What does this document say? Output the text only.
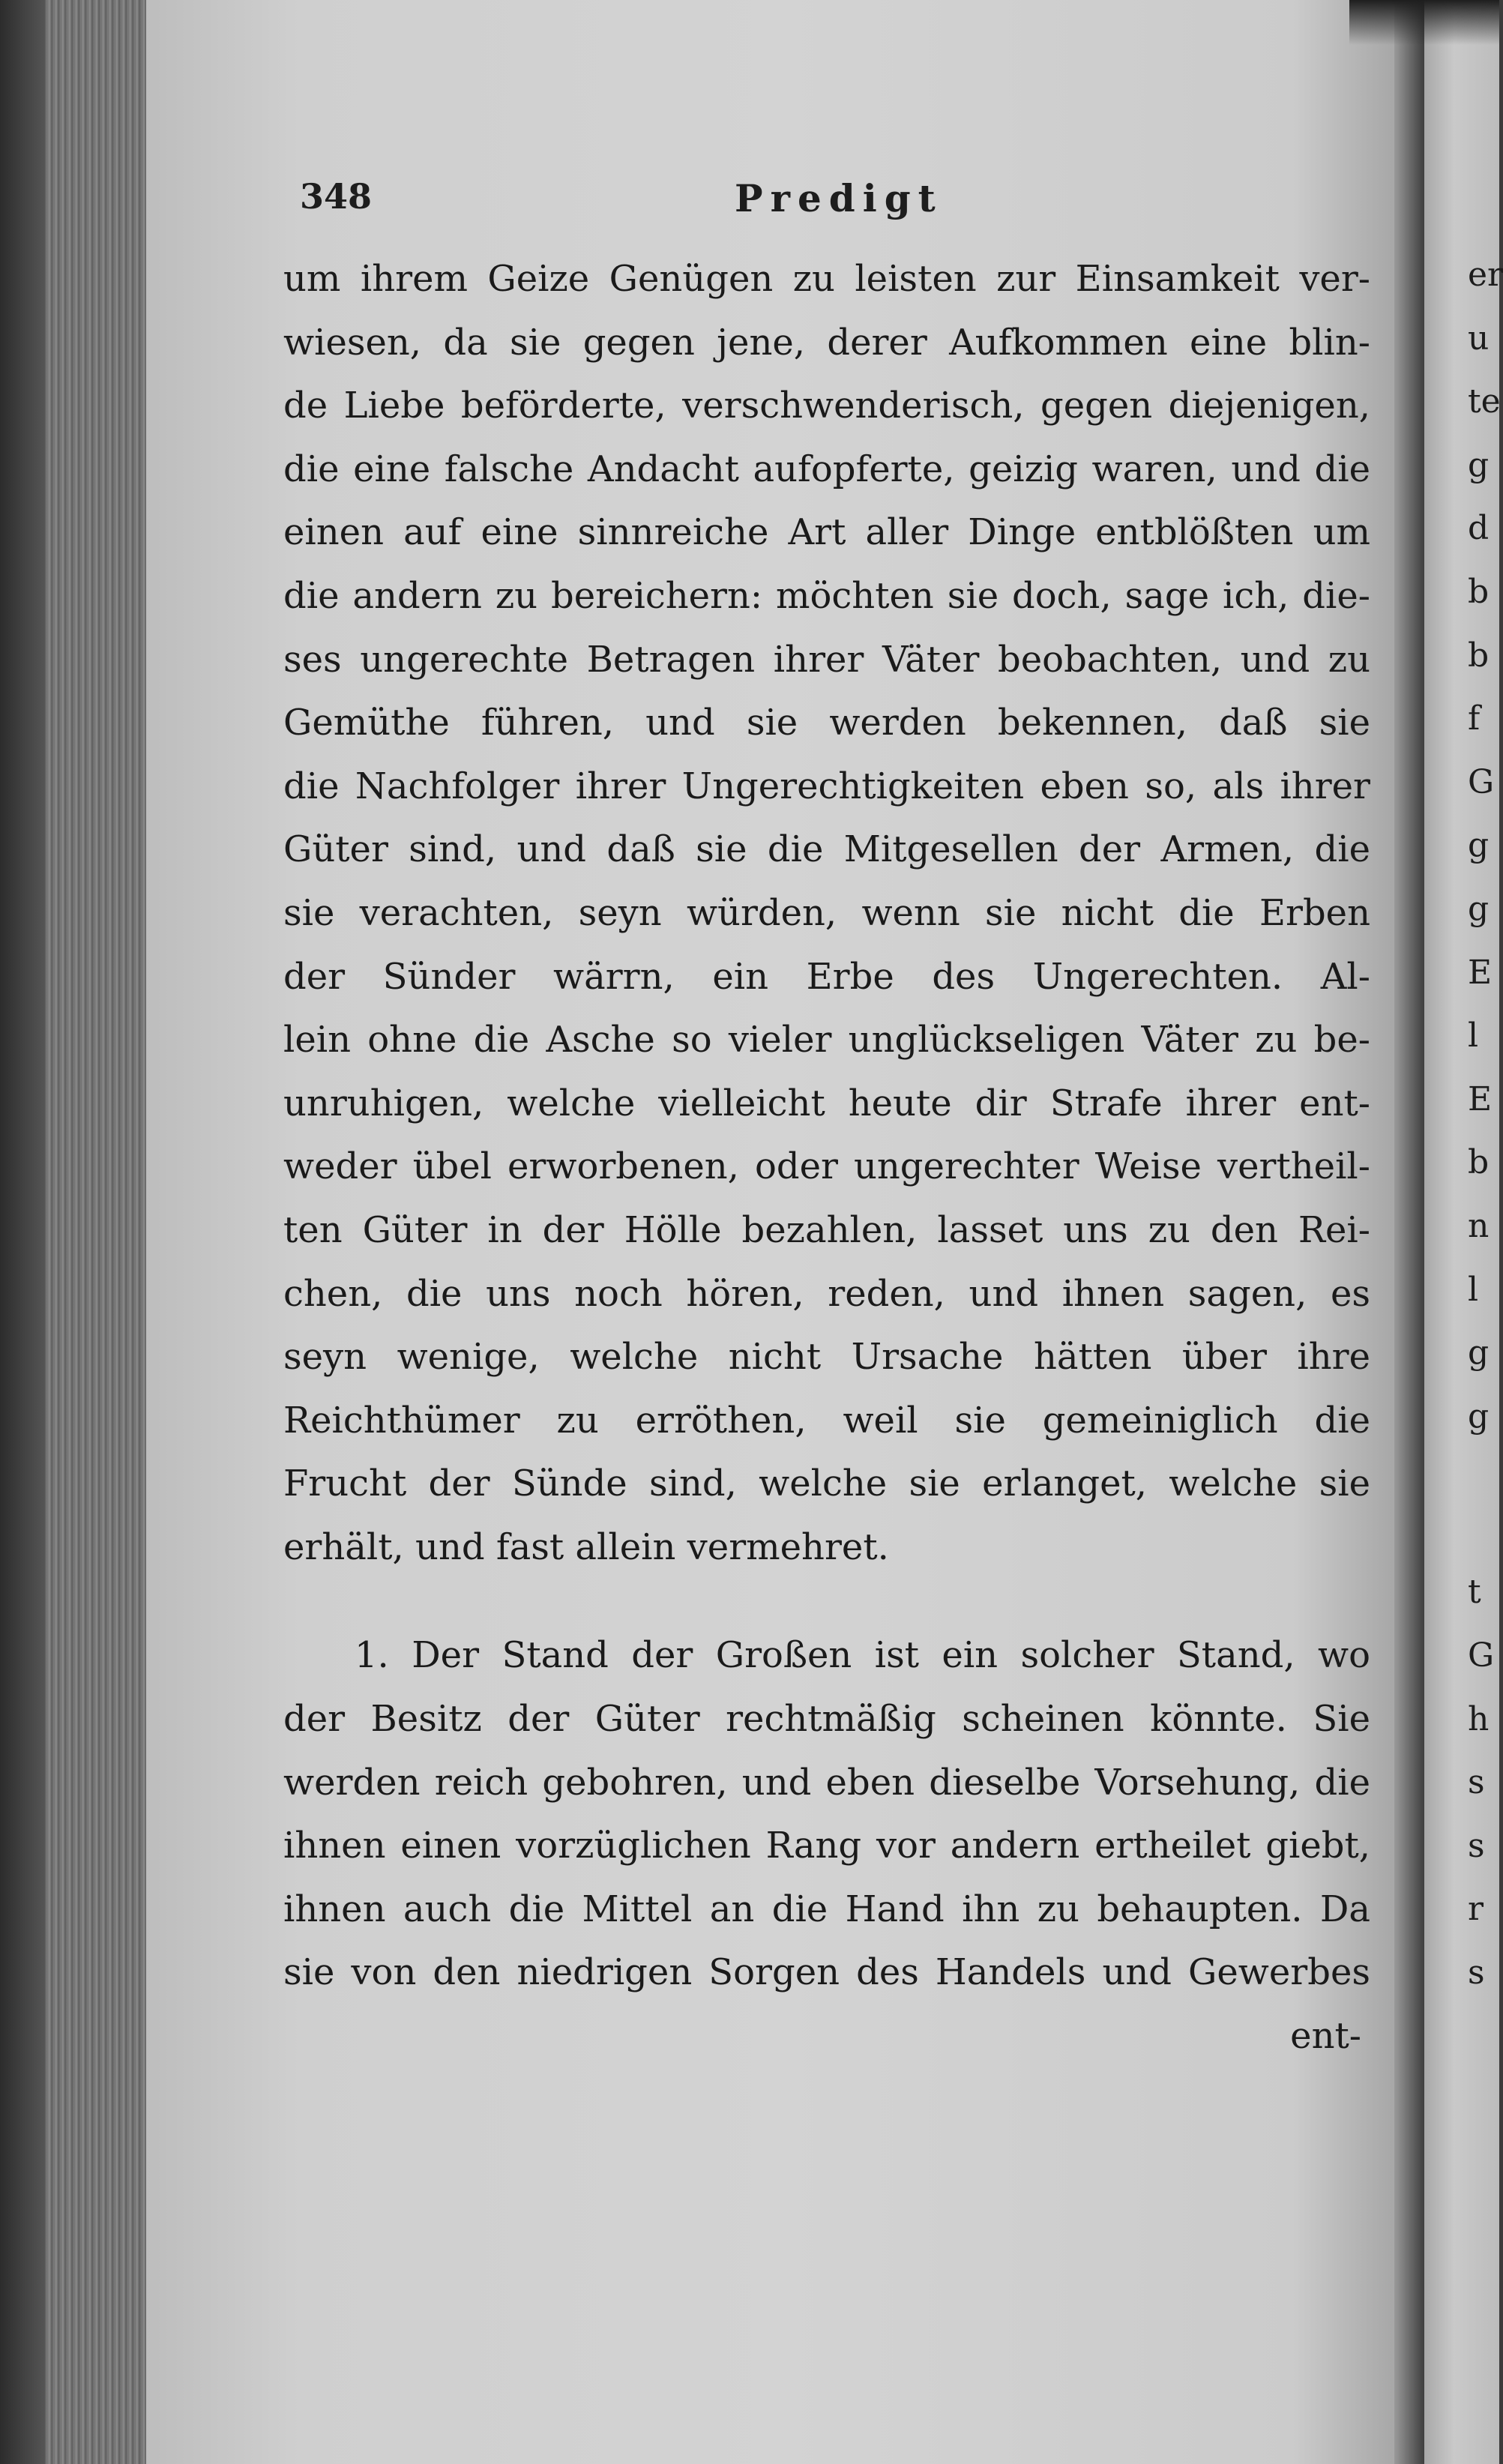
er
u
te
g
d
b
b
f
G
g
g
E
l
E
b
n
l
g
g
t
G
h
s
s
r
s
348	Predigt
um ihrem Geize Genügen zu leisten zur Einsamkeit ver-
wiesen, da sie gegen jene, derer Aufkommen eine blin-
de Liebe beförderte, verschwenderisch, gegen diejenigen,
die eine falsche Andacht aufopferte, geizig waren, und die
einen auf eine sinnreiche Art aller Dinge entblößten um
die andern zu bereichern: möchten sie doch, sage ich, die-
ses ungerechte Betragen ihrer Väter beobachten, und zu
Gemüthe führen, und sie werden bekennen, daß sie
die Nachfolger ihrer Ungerechtigkeiten eben so, als ihrer
Güter sind, und daß sie die Mitgesellen der Armen, die
sie verachten, seyn würden, wenn sie nicht die Erben
der Sünder wärrn, ein Erbe des Ungerechten. Al-
lein ohne die Asche so vieler unglückseligen Väter zu be-
unruhigen, welche vielleicht heute dir Strafe ihrer ent-
weder übel erworbenen, oder ungerechter Weise vertheil-
ten Güter in der Hölle bezahlen, lasset uns zu den Rei-
chen, die uns noch hören, reden, und ihnen sagen, es
seyn wenige, welche nicht Ursache hätten über ihre
Reichthümer zu erröthen, weil sie gemeiniglich die
Frucht der Sünde sind, welche sie erlanget, welche sie
erhält, und fast allein vermehret.
1. Der Stand der Großen ist ein solcher Stand, wo
der Besitz der Güter rechtmäßig scheinen könnte. Sie
werden reich gebohren, und eben dieselbe Vorsehung, die
ihnen einen vorzüglichen Rang vor andern ertheilet giebt,
ihnen auch die Mittel an die Hand ihn zu behaupten. Da
sie von den niedrigen Sorgen des Handels und Gewerbes
ent-
